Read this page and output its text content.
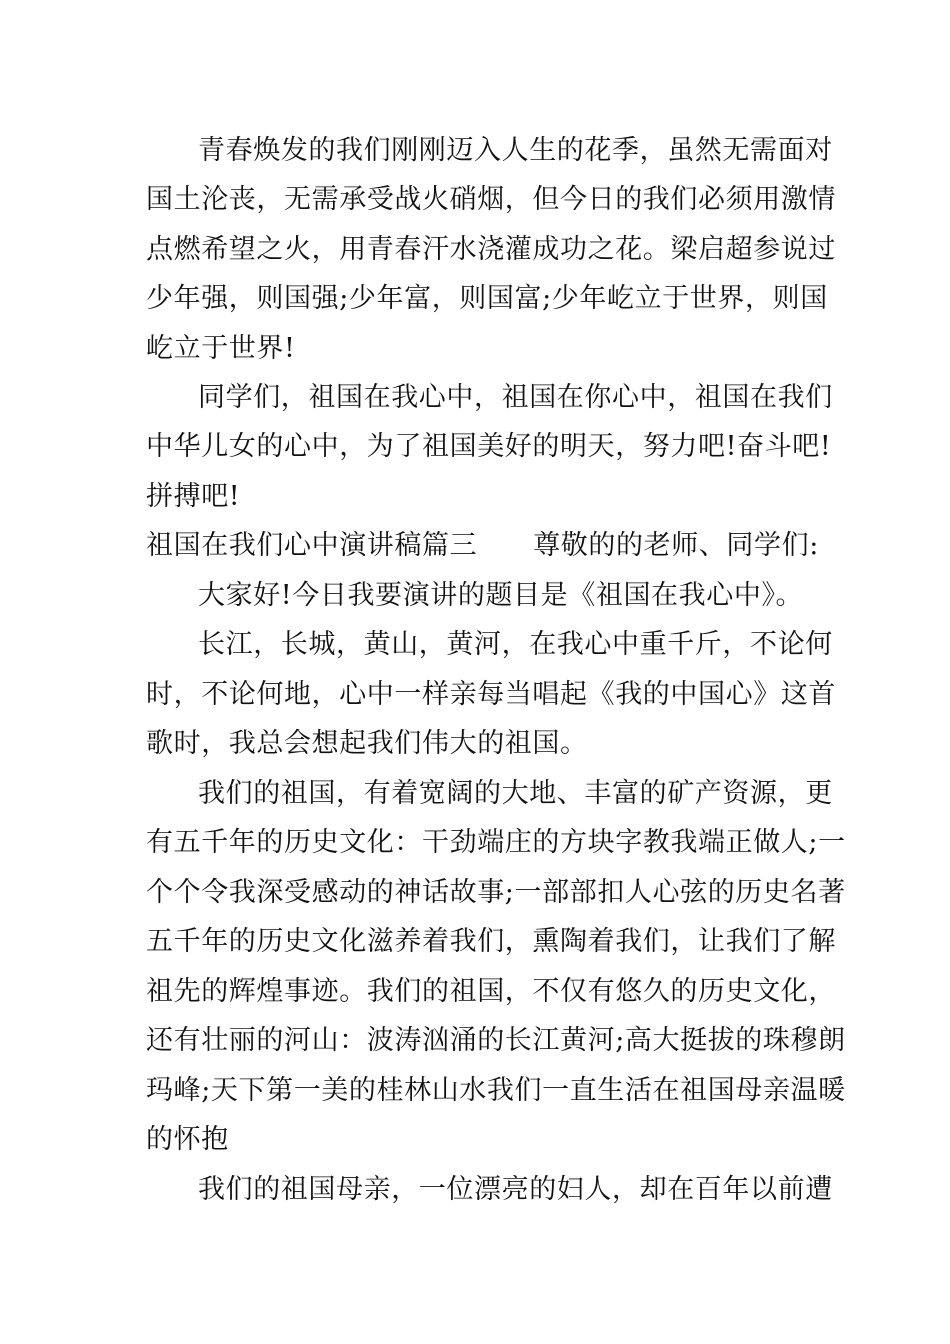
青春焕发的我们刚刚迈入人生的花季，虽然无需面对
国土沦丧，无需承受战火硝烟，但今日的我们必须用激情
点燃希望之火，用青春汗水浇灌成功之花。梁启超参说过
少年强，则国强;少年富，则国富;少年屹立于世界，则国
屹立于世界!
同学们，祖国在我心中，祖国在你心中，祖国在我们
中华儿女的心中，为了祖国美好的明天，努力吧!奋斗吧!
拼搏吧!
祖国在我们心中演讲稿篇三 尊敬的的老师、同学们:
大家好!今日我要演讲的题目是《祖国在我心中》。
长江，长城，黄山，黄河，在我心中重千斤，不论何
时，不论何地，心中一样亲每当唱起《我的中国心》这首
歌时，我总会想起我们伟大的祖国。
我们的祖国，有着宽阔的大地、丰富的矿产资源，更
有五千年的历史文化：干劲端庄的方块字教我端正做人;一
个个令我深受感动的神话故事;一部部扣人心弦的历史名著
五千年的历史文化滋养着我们，熏陶着我们，让我们了解
祖先的辉煌事迹。我们的祖国，不仅有悠久的历史文化，
还有壮丽的河山：波涛汹涌的长江黄河;高大挺拔的珠穆朗
玛峰;天下第一美的桂林山水我们一直生活在祖国母亲温暖
的怀抱
我们的祖国母亲，一位漂亮的妇人，却在百年以前遭
